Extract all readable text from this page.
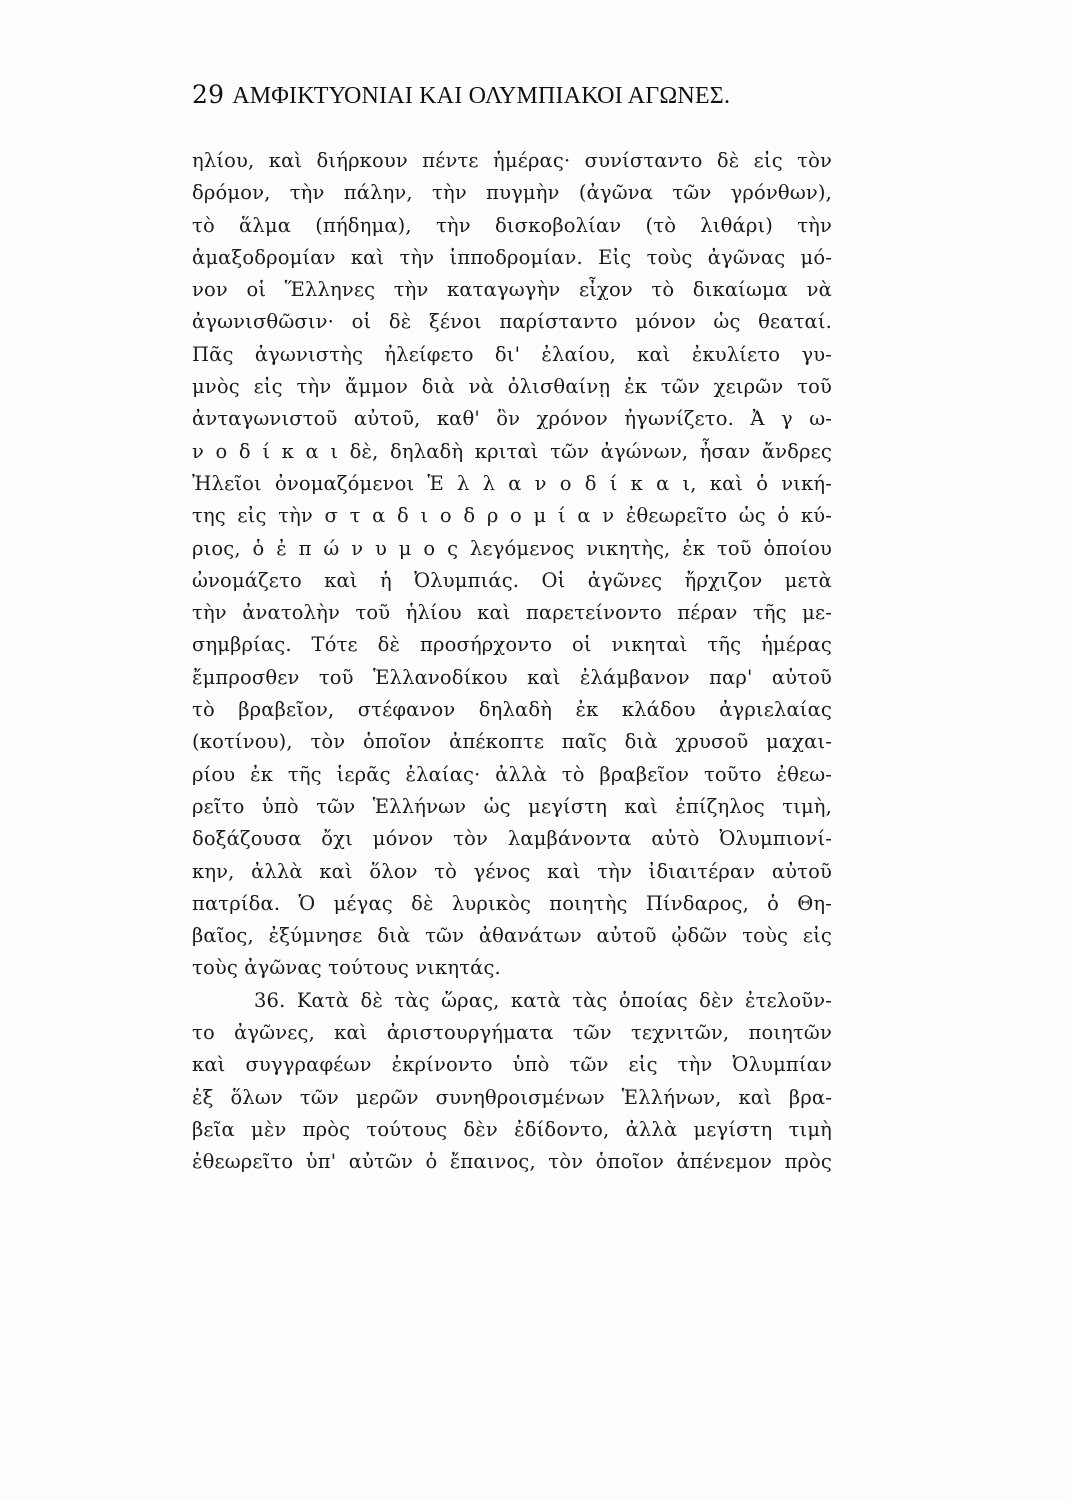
29 ΑΜΦΙΚΤΥΟΝΙΑΙ ΚΑΙ ΟΛΥΜΠΙΑΚΟΙ ΑΓΩΝΕΣ.
ηλίου, καὶ διήρκουν πέντε ἡμέρας· συνίσταντο δὲ εἰς τὸν
δρόμον, τὴν πάλην, τὴν πυγμὴν (ἀγῶνα τῶν γρόνθων),
τὸ ἅλμα (πήδημα), τὴν δισκοβολίαν (τὸ λιθάρι) τὴν
ἁμαξοδρομίαν καὶ τὴν ἱπποδρομίαν. Εἰς τοὺς ἀγῶνας μό-
νον οἱ Ἕλληνες τὴν καταγωγὴν εἶχον τὸ δικαίωμα νὰ
ἀγωνισθῶσιν· οἱ δὲ ξένοι παρίσταντο μόνον ὡς θεαταί.
Πᾶς ἀγωνιστὴς ἠλείφετο δι' ἐλαίου, καὶ ἐκυλίετο γυ-
μνὸς εἰς τὴν ἄμμον διὰ νὰ ὀλισθαίνῃ ἐκ τῶν χειρῶν τοῦ
ἀνταγωνιστοῦ αὐτοῦ, καθ' ὃν χρόνον ἠγωνίζετο. Ἀ γ ω-
ν ο δ ί κ α ι δὲ, δηλαδὴ κριταὶ τῶν ἀγώνων, ἦσαν ἄνδρες
Ἠλεῖοι ὀνομαζόμενοι Ἑ λ λ α ν ο δ ί κ α ι, καὶ ὁ νική-
της εἰς τὴν σ τ α δ ι ο δ ρ ο μ ί α ν ἐθεωρεῖτο ὡς ὁ κύ-
ριος, ὁ ἐ π ώ ν υ μ ο ς λεγόμενος νικητὴς, ἐκ τοῦ ὁποίου
ὠνομάζετο καὶ ἡ Ὀλυμπιάς. Οἱ ἀγῶνες ἤρχιζον μετὰ
τὴν ἀνατολὴν τοῦ ἡλίου καὶ παρετείνοντο πέραν τῆς με-
σημβρίας. Τότε δὲ προσήρχοντο οἱ νικηταὶ τῆς ἡμέρας
ἔμπροσθεν τοῦ Ἑλλανοδίκου καὶ ἐλάμβανον παρ' αὐτοῦ
τὸ βραβεῖον, στέφανον δηλαδὴ ἐκ κλάδου ἀγριελαίας
(κοτίνου), τὸν ὁποῖον ἀπέκοπτε παῖς διὰ χρυσοῦ μαχαι-
ρίου ἐκ τῆς ἱερᾶς ἐλαίας· ἀλλὰ τὸ βραβεῖον τοῦτο ἐθεω-
ρεῖτο ὑπὸ τῶν Ἑλλήνων ὡς μεγίστη καὶ ἐπίζηλος τιμὴ,
δοξάζουσα ὄχι μόνον τὸν λαμβάνοντα αὐτὸ Ὀλυμπιονί-
κην, ἀλλὰ καὶ ὅλον τὸ γένος καὶ τὴν ἰδιαιτέραν αὐτοῦ
πατρίδα. Ὁ μέγας δὲ λυρικὸς ποιητὴς Πίνδαρος, ὁ Θη-
βαῖος, ἐξύμνησε διὰ τῶν ἀθανάτων αὐτοῦ ᾠδῶν τοὺς εἰς
τοὺς ἀγῶνας τούτους νικητάς.
36. Κατὰ δὲ τὰς ὥρας, κατὰ τὰς ὁποίας δὲν ἐτελοῦν-
το ἀγῶνες, καὶ ἀριστουργήματα τῶν τεχνιτῶν, ποιητῶν
καὶ συγγραφέων ἐκρίνοντο ὑπὸ τῶν εἰς τὴν Ὀλυμπίαν
ἐξ ὅλων τῶν μερῶν συνηθροισμένων Ἑλλήνων, καὶ βρα-
βεῖα μὲν πρὸς τούτους δὲν ἐδίδοντο, ἀλλὰ μεγίστη τιμὴ
ἐθεωρεῖτο ὑπ' αὐτῶν ὁ ἔπαινος, τὸν ὁποῖον ἀπένεμον πρὸς
